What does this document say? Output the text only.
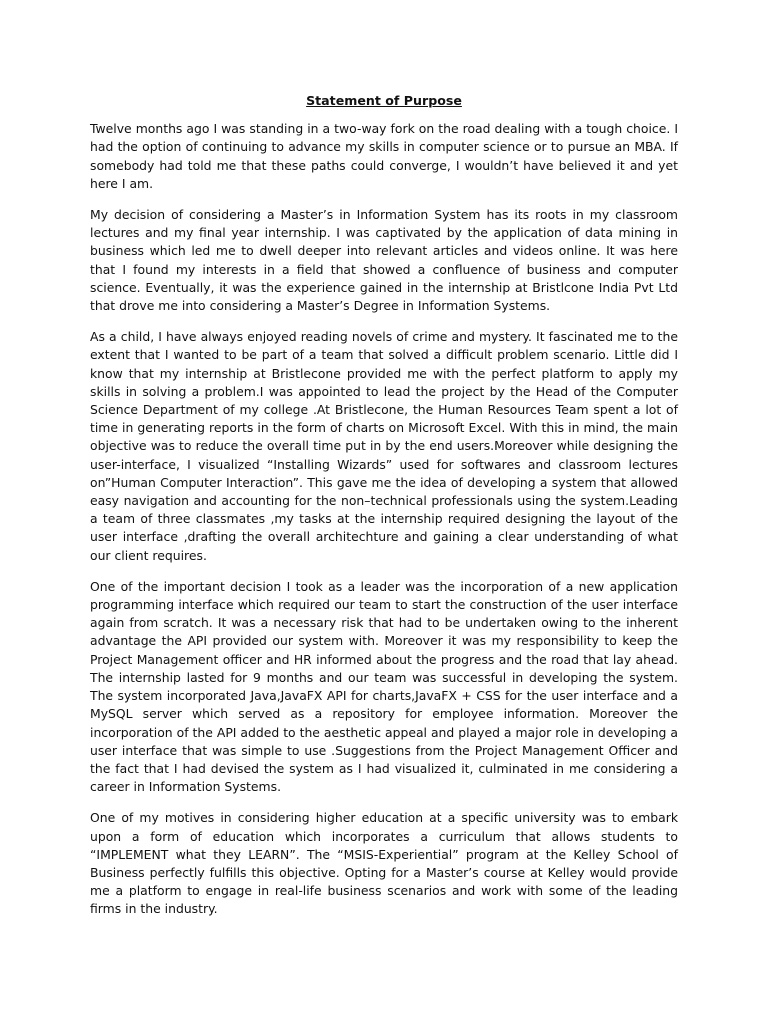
Statement of Purpose

Twelve months ago I was standing in a two-way fork on the road dealing with a tough choice. I had the option of continuing to advance my skills in computer science or to pursue an MBA. If somebody had told me that these paths could converge, I wouldn’t have believed it and yet here I am.

My decision of considering a Master’s in Information System has its roots in my classroom lectures and my final year internship. I was captivated by the application of data mining in business which led me to dwell deeper into relevant articles and videos online. It was here that I found my interests in a field that showed a confluence of business and computer science. Eventually, it was the experience gained in the internship at Bristlcone India Pvt Ltd that drove me into considering a Master’s Degree in Information Systems.

As a child, I have always enjoyed reading novels of crime and mystery. It fascinated me to the extent that I wanted to be part of a team that solved a difficult problem scenario. Little did I know that my internship at Bristlecone provided me with the perfect platform to apply my skills in solving a problem.I was appointed to lead the project by the Head of the Computer Science Department of my college .At Bristlecone, the Human Resources Team spent a lot of time in generating reports in the form of charts on Microsoft Excel. With this in mind, the main objective was to reduce the overall time put in by the end users.Moreover while designing the user-interface, I visualized “Installing Wizards” used for softwares and classroom lectures on”Human Computer Interaction”. This gave me the idea of developing a system that allowed easy navigation and accounting for the non–technical professionals using the system.Leading a team of three classmates ,my tasks at the internship required designing the layout of the user interface ,drafting the overall architechture and gaining a clear understanding of what our client requires.

One of the important decision I took as a leader was the incorporation of a new application programming interface which required our team to start the construction of the user interface again from scratch. It was a necessary risk that had to be undertaken owing to the inherent advantage the API provided our system with. Moreover it was my responsibility to keep the Project Management officer and HR informed about the progress and the road that lay ahead. The internship lasted for 9 months and our team was successful in developing the system. The system incorporated Java,JavaFX API for charts,JavaFX + CSS for the user interface and a MySQL server which served as a repository for employee information. Moreover the incorporation of the API added to the aesthetic appeal and played a major role in developing a user interface that was simple to use .Suggestions from the Project Management Officer and the fact that I had devised the system as I had visualized it, culminated in me considering a career in Information Systems.

One of my motives in considering higher education at a specific university was to embark upon a form of education which incorporates a curriculum that allows students to “IMPLEMENT what they LEARN”. The “MSIS-Experiential” program at the Kelley School of Business perfectly fulfills this objective. Opting for a Master’s course at Kelley would provide me a platform to engage in real-life business scenarios and work with some of the leading firms in the industry.
